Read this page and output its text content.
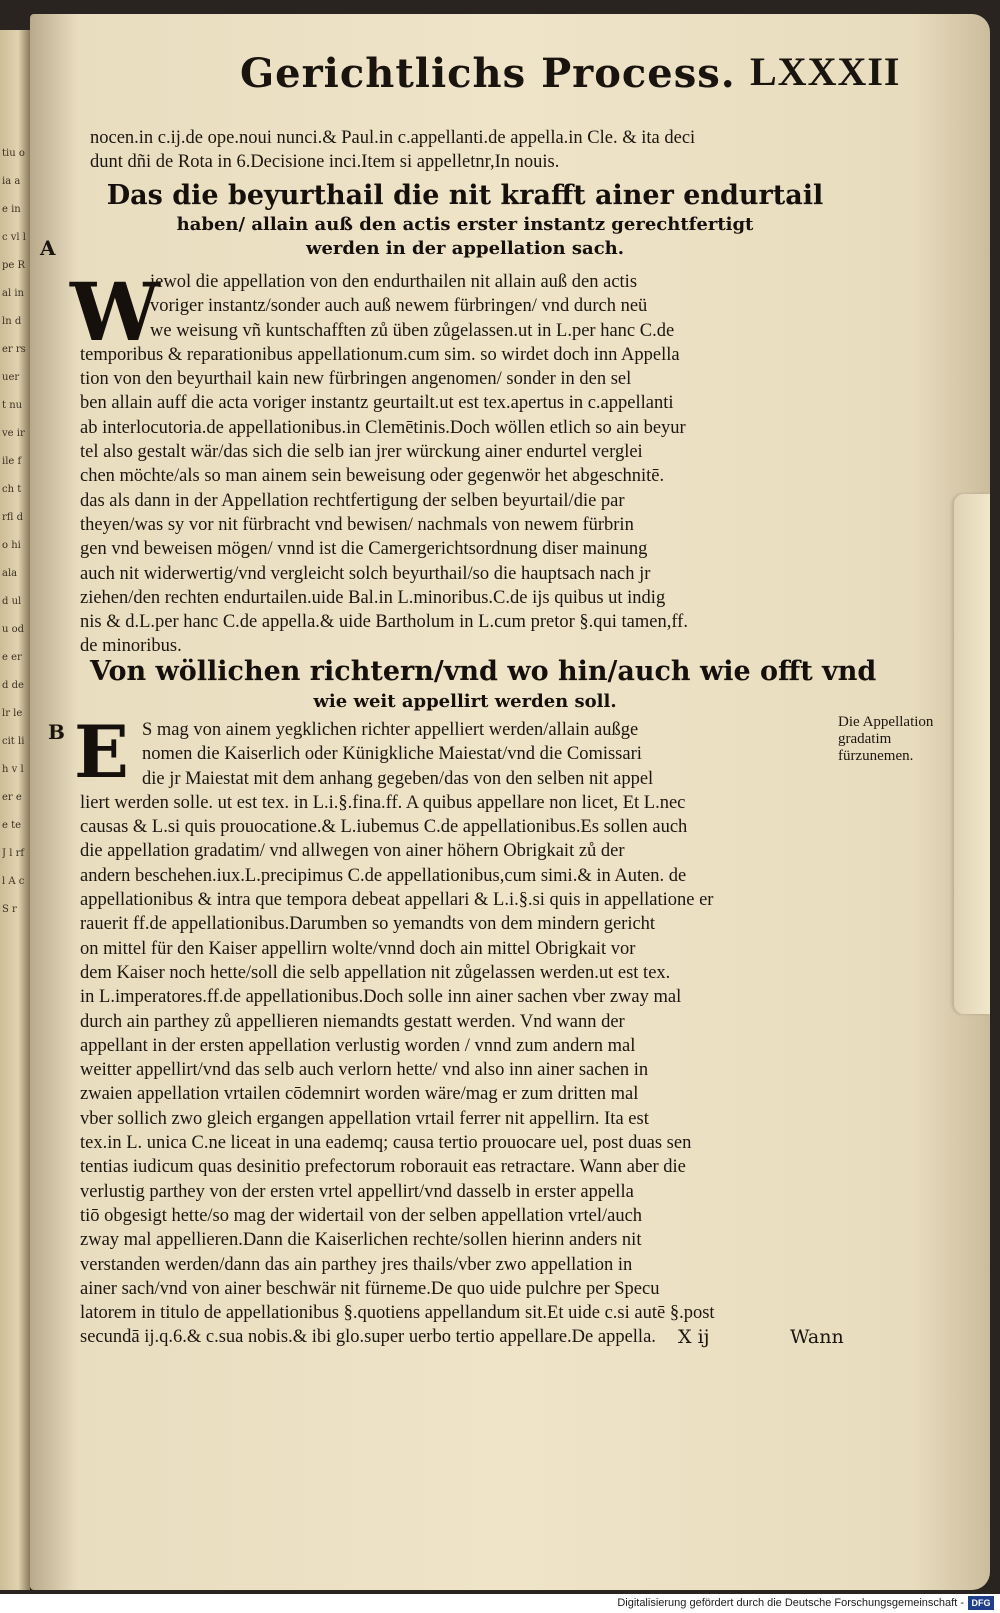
tiu oia ae inc vl lpe Ral in ln der rs uer t nu ve ir ile f ch t rfl do hi ala d ul u ode er d de lr le cit li h v ler e e te J l rfl A cS r
Gerichtlichs Process. LXXXII
nocen.in c.ij.de ope.noui nunci.& Paul.in c.appellanti.de appella.in Cle. & ita deci
dunt dñi de Rota in 6.Decisione inci.Item si appelletnr,In nouis.
A
Das die beyurthail die nit krafft ainer endurtail
haben/ allain auß den actis erster instantz gerechtfertigt
werden in der appellation sach.
W
iewol die appellation von den endurthailen nit allain auß den actis
voriger instantz/sonder auch auß newem fürbringen/ vnd durch neü
we weisung vñ kuntschafften zů üben zůgelassen.ut in L.per hanc C.de
temporibus & reparationibus appellationum.cum sim. so wirdet doch inn Appella
tion von den beyurthail kain new fürbringen angenomen/ sonder in den sel
ben allain auff die acta voriger instantz geurtailt.ut est tex.apertus in c.appellanti
ab interlocutoria.de appellationibus.in Clemētinis.Doch wöllen etlich so ain beyur
tel also gestalt wär/das sich die selb ian jrer würckung ainer endurtel verglei
chen möchte/als so man ainem sein beweisung oder gegenwör het abgeschnitē.
das als dann in der Appellation rechtfertigung der selben beyurtail/die par
theyen/was sy vor nit fürbracht vnd bewisen/ nachmals von newem fürbrin
gen vnd beweisen mögen/ vnnd ist die Camergerichtsordnung diser mainung
auch nit widerwertig/vnd vergleicht solch beyurthail/so die hauptsach nach jr
ziehen/den rechten endurtailen.uide Bal.in L.minoribus.C.de ijs quibus ut indig
nis & d.L.per hanc C.de appella.& uide Bartholum in L.cum pretor §.qui tamen,ff.
de minoribus.
Von wöllichen richtern/vnd wo hin/auch wie offt vnd
wie weit appellirt werden soll.
B E	Die Appellation gradatim fürzunemen.
S mag von ainem yegklichen richter appelliert werden/allain außge
nomen die Kaiserlich oder Künigkliche Maiestat/vnd die Comissari
die jr Maiestat mit dem anhang gegeben/das von den selben nit appel
liert werden solle. ut est tex. in L.i.§.fina.ff. A quibus appellare non licet, Et L.nec
causas & L.si quis prouocatione.& L.iubemus C.de appellationibus.Es sollen auch
die appellation gradatim/ vnd allwegen von ainer höhern Obrigkait zů der
andern beschehen.iux.L.precipimus C.de appellationibus,cum simi.& in Auten. de
appellationibus & intra que tempora debeat appellari & L.i.§.si quis in appellatione er
rauerit ff.de appellationibus.Darumben so yemandts von dem mindern gericht
on mittel für den Kaiser appellirn wolte/vnnd doch ain mittel Obrigkait vor
dem Kaiser noch hette/soll die selb appellation nit zůgelassen werden.ut est tex.
in L.imperatores.ff.de appellationibus.Doch solle inn ainer sachen vber zway mal
durch ain parthey zů appellieren niemandts gestatt werden. Vnd wann der
appellant in der ersten appellation verlustig worden / vnnd zum andern mal
weitter appellirt/vnd das selb auch verlorn hette/ vnd also inn ainer sachen in
zwaien appellation vrtailen cōdemnirt worden wäre/mag er zum dritten mal
vber sollich zwo gleich ergangen appellation vrtail ferrer nit appellirn. Ita est
tex.in L. unica C.ne liceat in una eademq; causa tertio prouocare uel, post duas sen
tentias iudicum quas desinitio prefectorum roborauit eas retractare. Wann aber die
verlustig parthey von der ersten vrtel appellirt/vnd dasselb in erster appella
tiō obgesigt hette/so mag der widertail von der selben appellation vrtel/auch
zway mal appellieren.Dann die Kaiserlichen rechte/sollen hierinn anders nit
verstanden werden/dann das ain parthey jres thails/vber zwo appellation in
ainer sach/vnd von ainer beschwär nit fürneme.De quo uide pulchre per Specu
latorem in titulo de appellationibus §.quotiens appellandum sit.Et uide c.si autē §.post
secundā ij.q.6.& c.sua nobis.& ibi glo.super uerbo tertio appellare.De appella.	X ij	Wann
Digitalisierung gefördert durch die Deutsche Forschungsgemeinschaft - DFG
